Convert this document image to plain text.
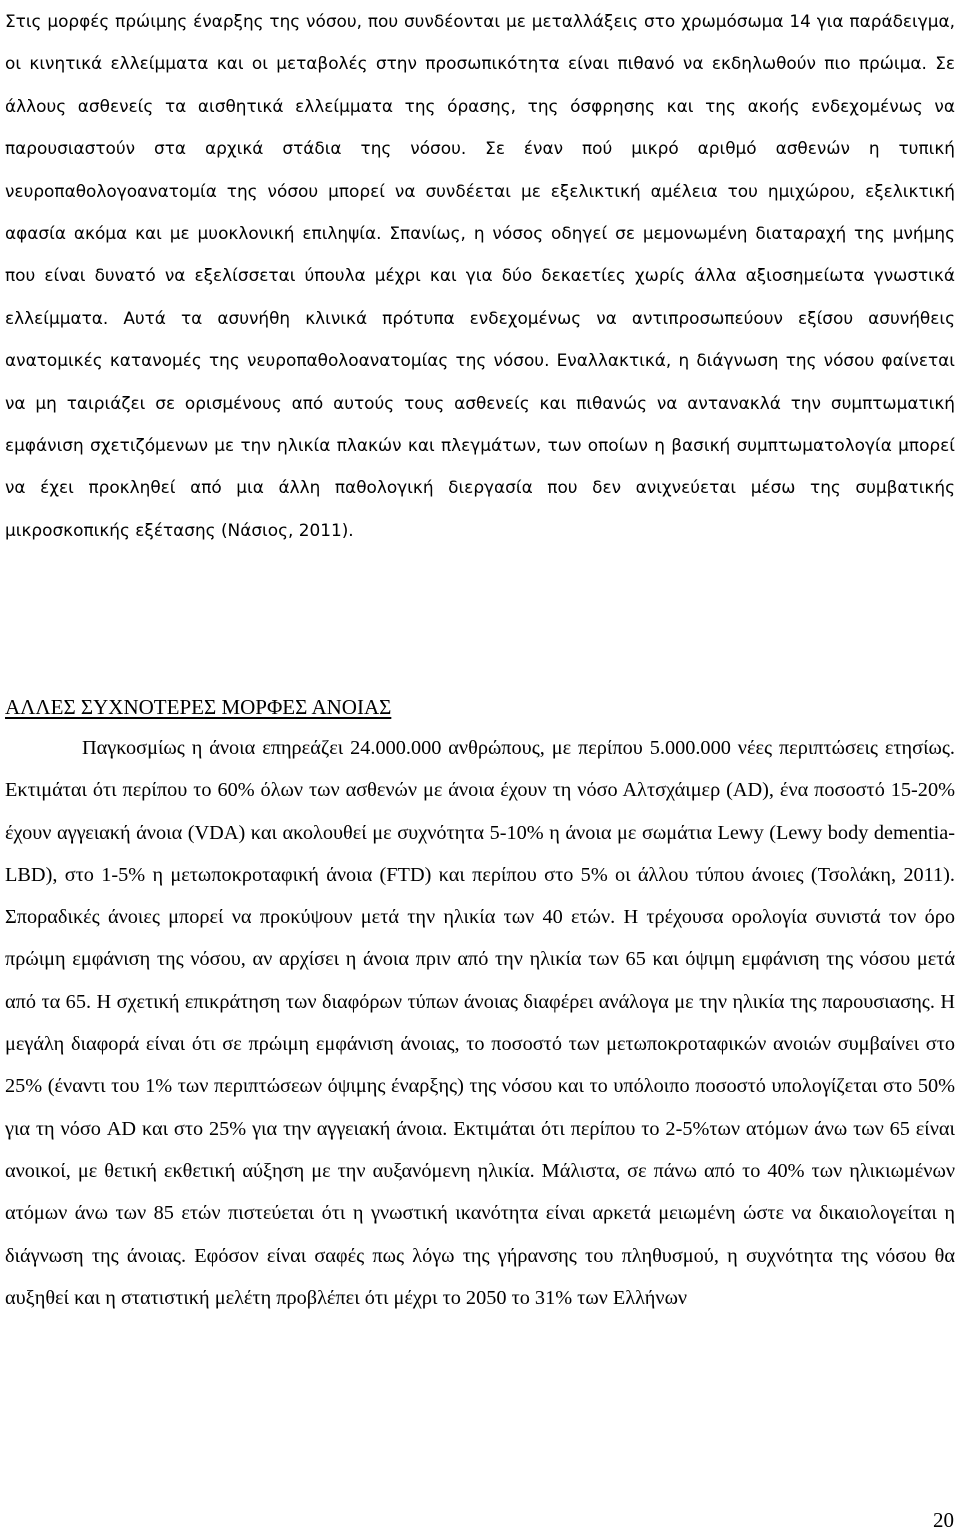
Στις μορφές πρώιμης έναρξης της νόσου, που συνδέονται με μεταλλάξεις στο χρωμόσωμα 14 για παράδειγμα, οι κινητικά ελλείμματα και οι μεταβολές στην προσωπικότητα είναι πιθανό να εκδηλωθούν πιο πρώιμα. Σε άλλους ασθενείς τα αισθητικά ελλείμματα της όρασης, της όσφρησης και της ακοής ενδεχομένως να παρουσιαστούν στα αρχικά στάδια της νόσου. Σε έναν πού μικρό αριθμό ασθενών η τυπική νευροπαθολογοανατομία της νόσου μπορεί να συνδέεται με εξελικτική αμέλεια του ημιχώρου, εξελικτική αφασία ακόμα και με μυοκλονική επιληψία. Σπανίως, η νόσος οδηγεί σε μεμονωμένη διαταραχή της μνήμης που είναι δυνατό να εξελίσσεται ύπουλα μέχρι και για δύο δεκαετίες χωρίς άλλα αξιοσημείωτα γνωστικά ελλείμματα. Αυτά τα ασυνήθη κλινικά πρότυπα ενδεχομένως να αντιπροσωπεύουν εξίσου ασυνήθεις ανατομικές κατανομές της νευροπαθολοανατομίας της νόσου. Εναλλακτικά, η διάγνωση της νόσου φαίνεται να μη ταιριάζει σε ορισμένους από αυτούς τους ασθενείς και πιθανώς να αντανακλά την συμπτωματική εμφάνιση σχετιζόμενων με την ηλικία πλακών και πλεγμάτων, των οποίων η βασική συμπτωματολογία μπορεί να έχει προκληθεί από μια άλλη παθολογική διεργασία που δεν ανιχνεύεται μέσω της συμβατικής μικροσκοπικής εξέτασης (Νάσιος, 2011).

ΑΛΛΕΣ ΣΥΧΝΟΤΕΡΕΣ ΜΟΡΦΕΣ ΑΝΟΙΑΣ

Παγκοσμίως η άνοια επηρεάζει 24.000.000 ανθρώπους, με περίπου 5.000.000 νέες περιπτώσεις ετησίως. Εκτιμάται ότι περίπου το 60% όλων των ασθενών με άνοια έχουν τη νόσο Αλτσχάιμερ (AD), ένα ποσοστό 15-20% έχουν αγγειακή άνοια (VDA) και ακολουθεί με συχνότητα 5-10% η άνοια με σωμάτια Lewy (Lewy body dementia- LBD), στο 1-5% η μετωποκροταφική άνοια (FTD) και περίπου στο 5% οι άλλου τύπου άνοιες (Τσολάκη, 2011). Σποραδικές άνοιες μπορεί να προκύψουν μετά την ηλικία των 40 ετών. Η τρέχουσα ορολογία συνιστά τον όρο πρώιμη εμφάνιση της νόσου, αν αρχίσει η άνοια πριν από την ηλικία των 65 και όψιμη εμφάνιση της νόσου μετά από τα 65. Η σχετική επικράτηση των διαφόρων τύπων άνοιας διαφέρει ανάλογα με την ηλικία της παρουσιασης. Η μεγάλη διαφορά είναι ότι σε πρώιμη εμφάνιση άνοιας, το ποσοστό των μετωποκροταφικών ανοιών συμβαίνει στο 25% (έναντι του 1% των περιπτώσεων όψιμης έναρξης) της νόσου και το υπόλοιπο ποσοστό υπολογίζεται στο 50% για τη νόσο AD και στο 25% για την αγγειακή άνοια. Εκτιμάται ότι περίπου το 2-5%των ατόμων άνω των 65 είναι ανοικοί, με θετική εκθετική αύξηση με την αυξανόμενη ηλικία. Μάλιστα, σε πάνω από το 40% των ηλικιωμένων ατόμων άνω των 85 ετών πιστεύεται ότι η γνωστική ικανότητα είναι αρκετά μειωμένη ώστε να δικαιολογείται η διάγνωση της άνοιας. Εφόσον είναι σαφές πως λόγω της γήρανσης του πληθυσμού, η συχνότητα της νόσου θα αυξηθεί και η στατιστική μελέτη προβλέπει ότι μέχρι το 2050 το 31% των Ελλήνων

20
